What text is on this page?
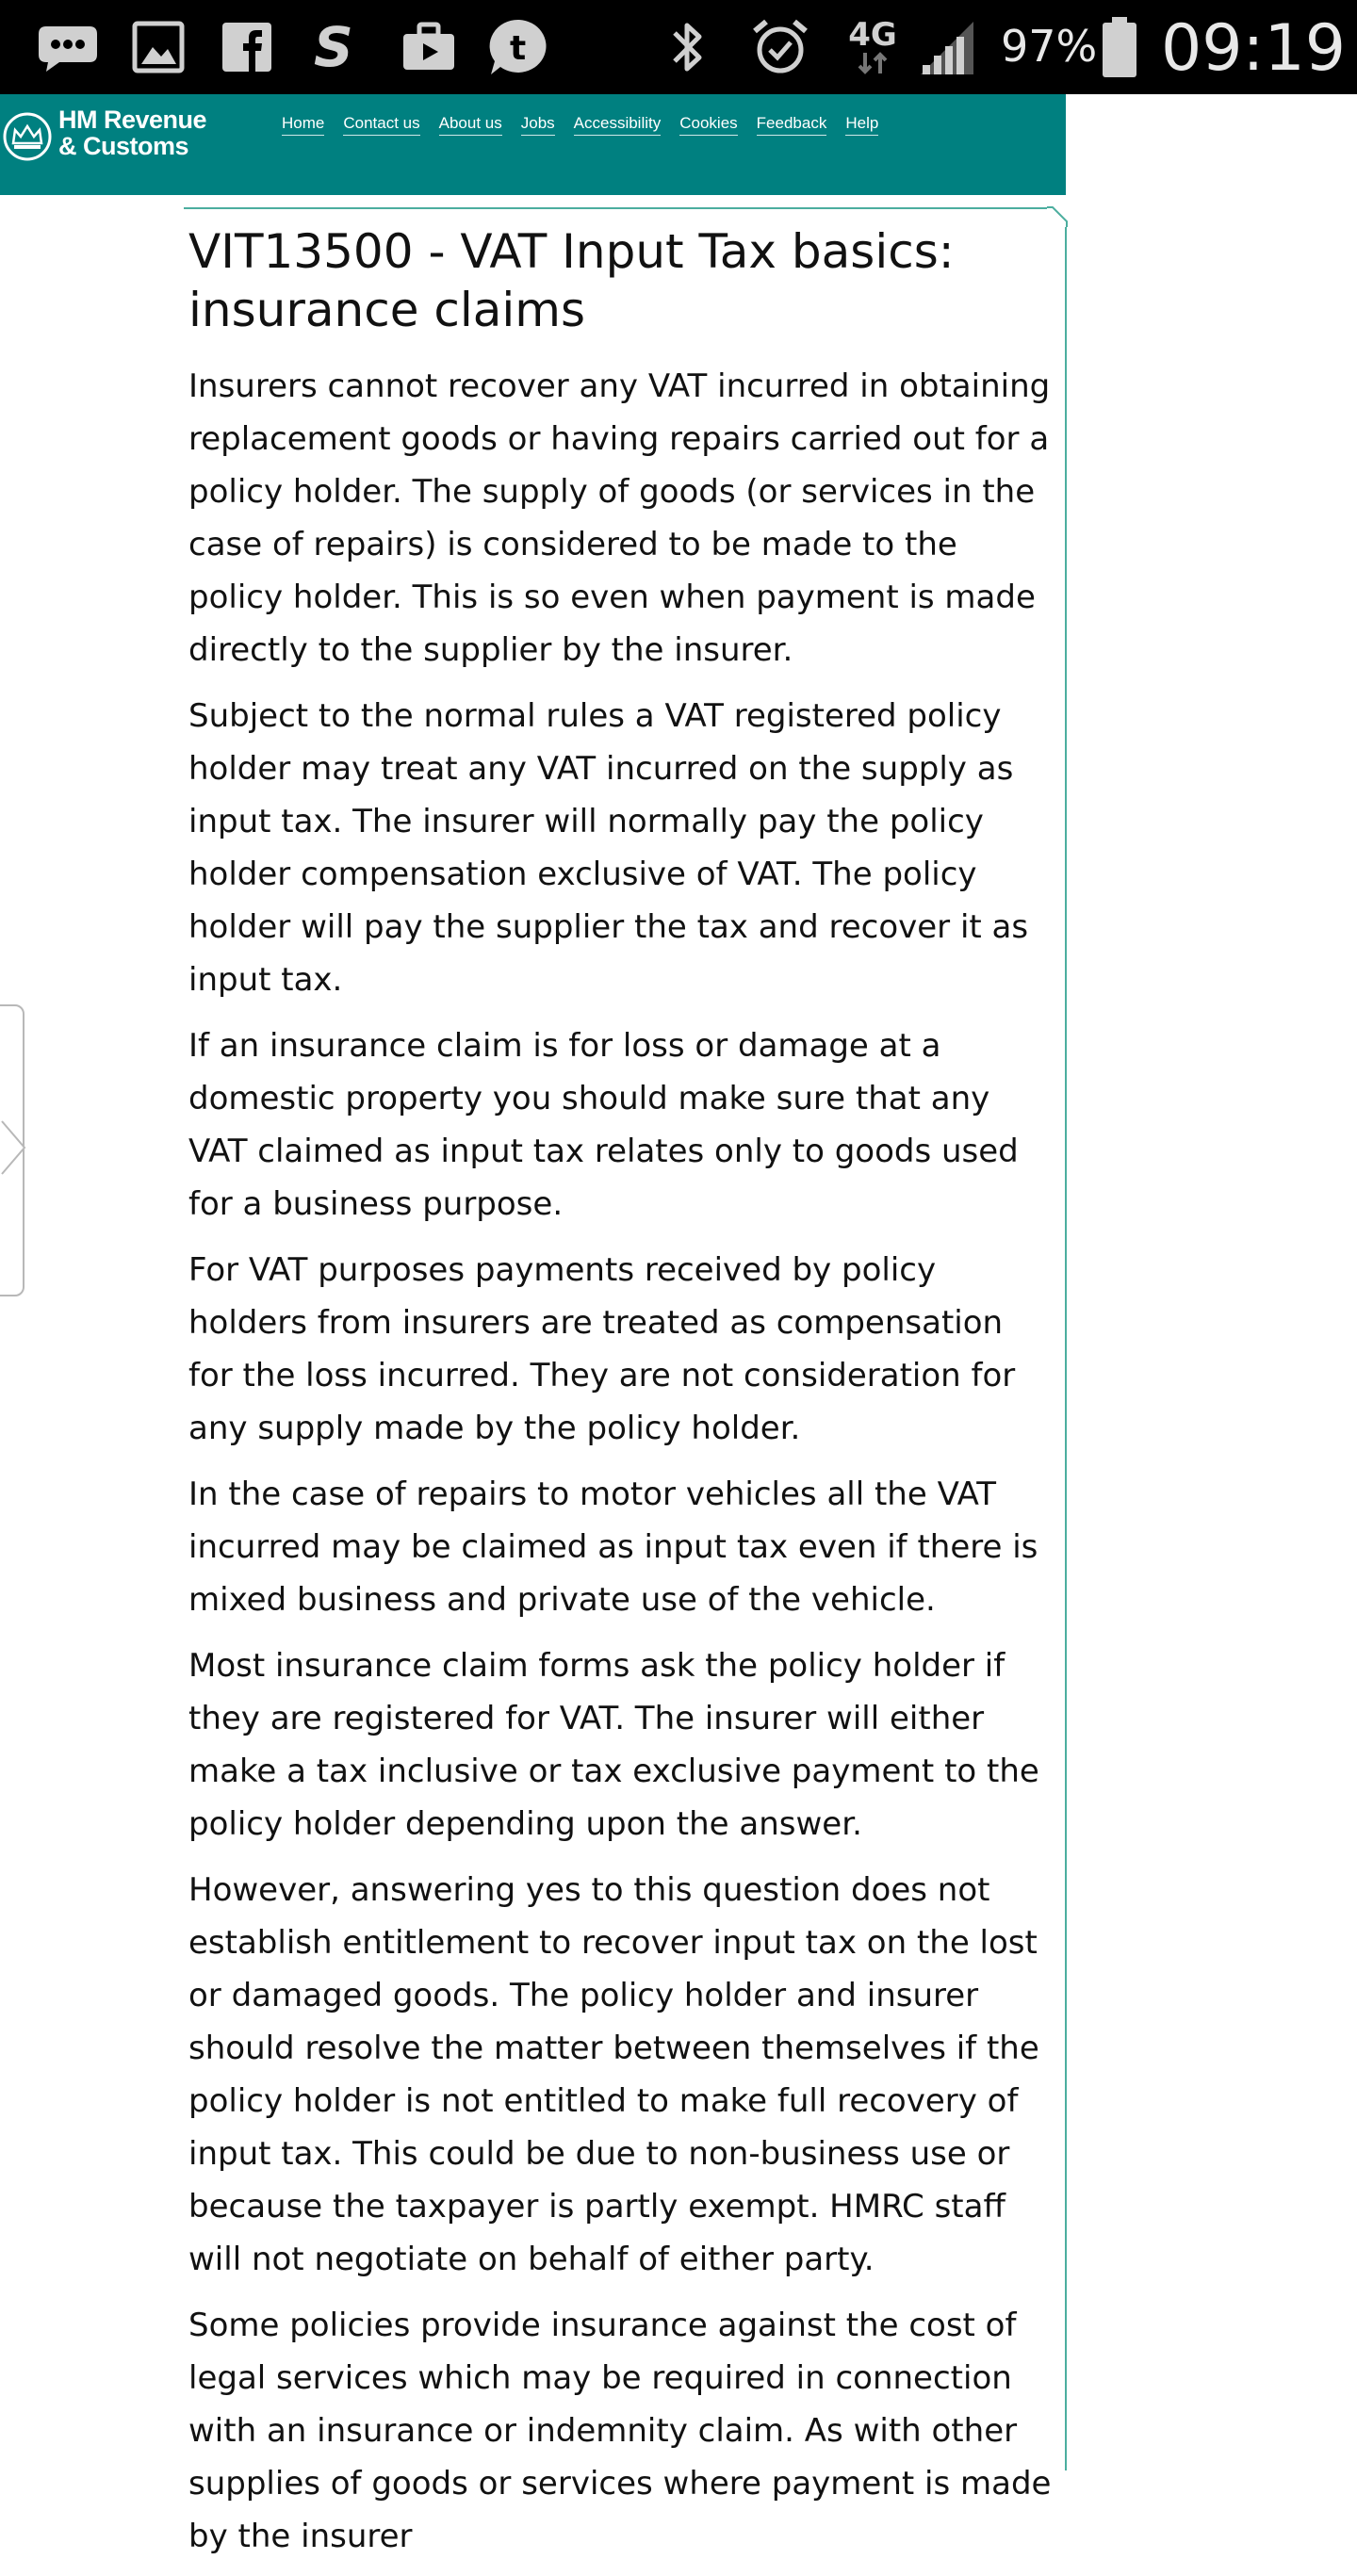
S	t	4G 97% 09:19
HM Revenue
& Customs
Home Contact us About us Jobs Accessibility Cookies Feedback Help
VIT13500 - VAT Input Tax basics: insurance claims

Insurers cannot recover any VAT incurred in obtaining replacement goods or having repairs carried out for a policy holder. The supply of goods (or services in the case of repairs) is considered to be made to the policy holder. This is so even when payment is made directly to the supplier by the insurer.

Subject to the normal rules a VAT registered policy holder may treat any VAT incurred on the supply as input tax. The insurer will normally pay the policy holder compensation exclusive of VAT. The policy holder will pay the supplier the tax and recover it as input tax.

If an insurance claim is for loss or damage at a domestic property you should make sure that any VAT claimed as input tax relates only to goods used for a business purpose.

For VAT purposes payments received by policy holders from insurers are treated as compensation for the loss incurred. They are not consideration for any supply made by the policy holder.

In the case of repairs to motor vehicles all the VAT incurred may be claimed as input tax even if there is mixed business and private use of the vehicle.

Most insurance claim forms ask the policy holder if they are registered for VAT. The insurer will either make a tax inclusive or tax exclusive payment to the policy holder depending upon the answer.

However, answering yes to this question does not establish entitlement to recover input tax on the lost or damaged goods. The policy holder and insurer should resolve the matter between themselves if the policy holder is not entitled to make full recovery of input tax. This could be due to non-business use or because the taxpayer is partly exempt. HMRC staff will not negotiate on behalf of either party.

Some policies provide insurance against the cost of legal services which may be required in connection with an insurance or indemnity claim. As with other supplies of goods or services where payment is made by the insurer
